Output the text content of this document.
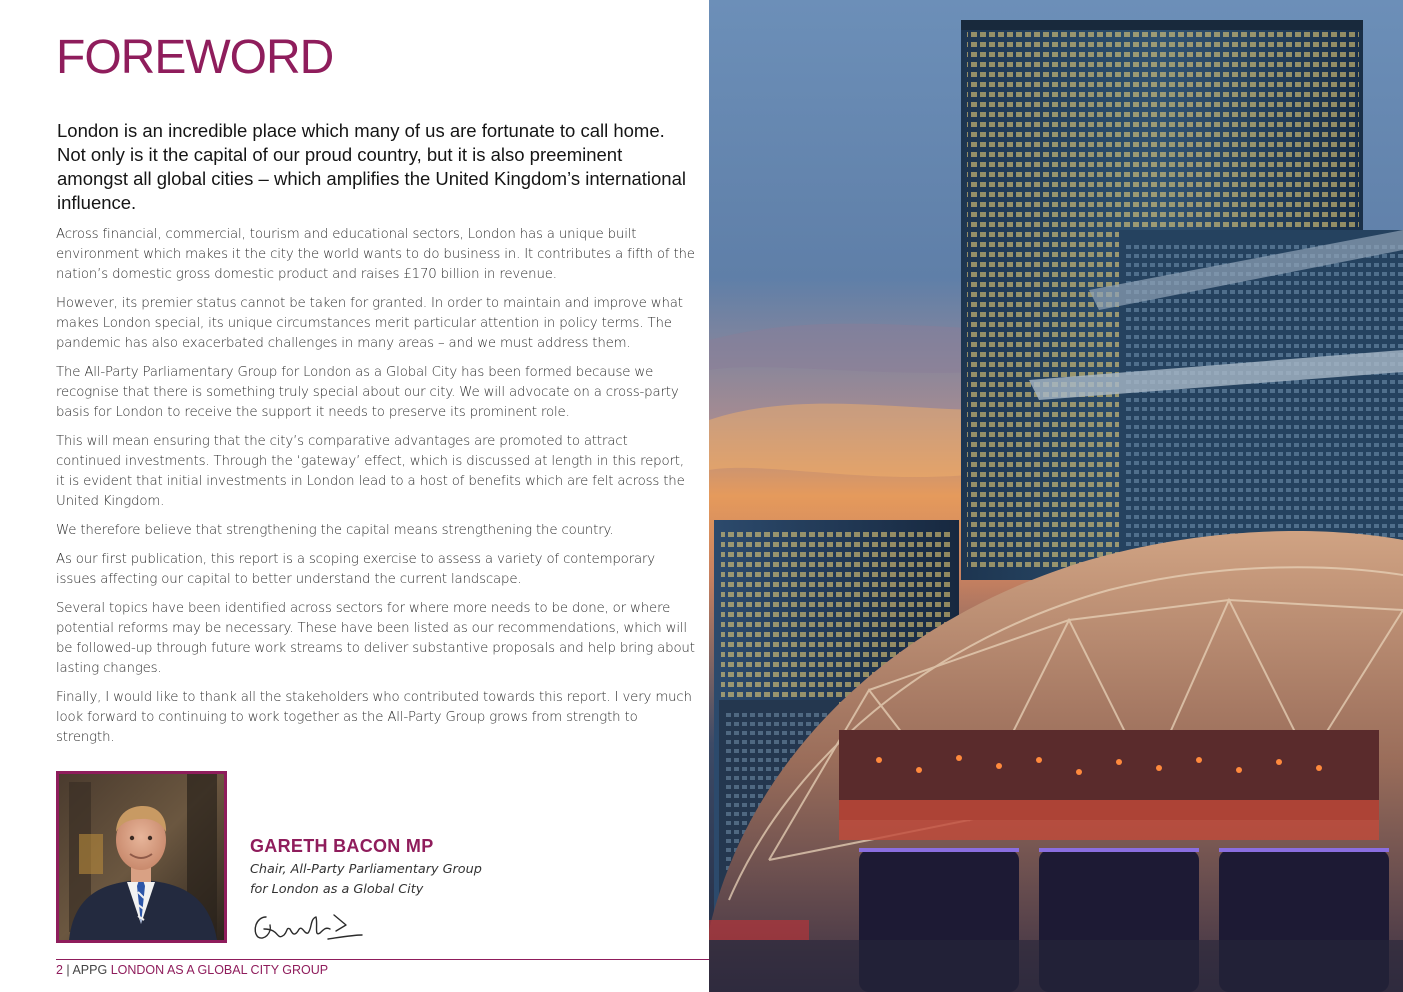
FOREWORD

London is an incredible place which many of us are fortunate to call home. Not only is it the capital of our proud country, but it is also preeminent amongst all global cities – which amplifies the United Kingdom’s international influence.

Across financial, commercial, tourism and educational sectors, London has a unique built environment which makes it the city the world wants to do business in. It contributes a fifth of the nation’s domestic gross domestic product and raises £170 billion in revenue.

However, its premier status cannot be taken for granted. In order to maintain and improve what makes London special, its unique circumstances merit particular attention in policy terms. The pandemic has also exacerbated challenges in many areas – and we must address them.

The All-Party Parliamentary Group for London as a Global City has been formed because we recognise that there is something truly special about our city. We will advocate on a cross-party basis for London to receive the support it needs to preserve its prominent role.

This will mean ensuring that the city’s comparative advantages are promoted to attract continued investments. Through the ‘gateway’ effect, which is discussed at length in this report, it is evident that initial investments in London lead to a host of benefits which are felt across the United Kingdom.

We therefore believe that strengthening the capital means strengthening the country.

As our first publication, this report is a scoping exercise to assess a variety of contemporary issues affecting our capital to better understand the current landscape.

Several topics have been identified across sectors for where more needs to be done, or where potential reforms may be necessary. These have been listed as our recommendations, which will be followed-up through future work streams to deliver substantive proposals and help bring about lasting changes.

Finally, I would like to thank all the stakeholders who contributed towards this report. I very much look forward to continuing to work together as the All-Party Group grows from strength to strength.

GARETH BACON MP
Chair, All-Party Parliamentary Group
for London as a Global City
2 | APPG LONDON AS A GLOBAL CITY GROUP
